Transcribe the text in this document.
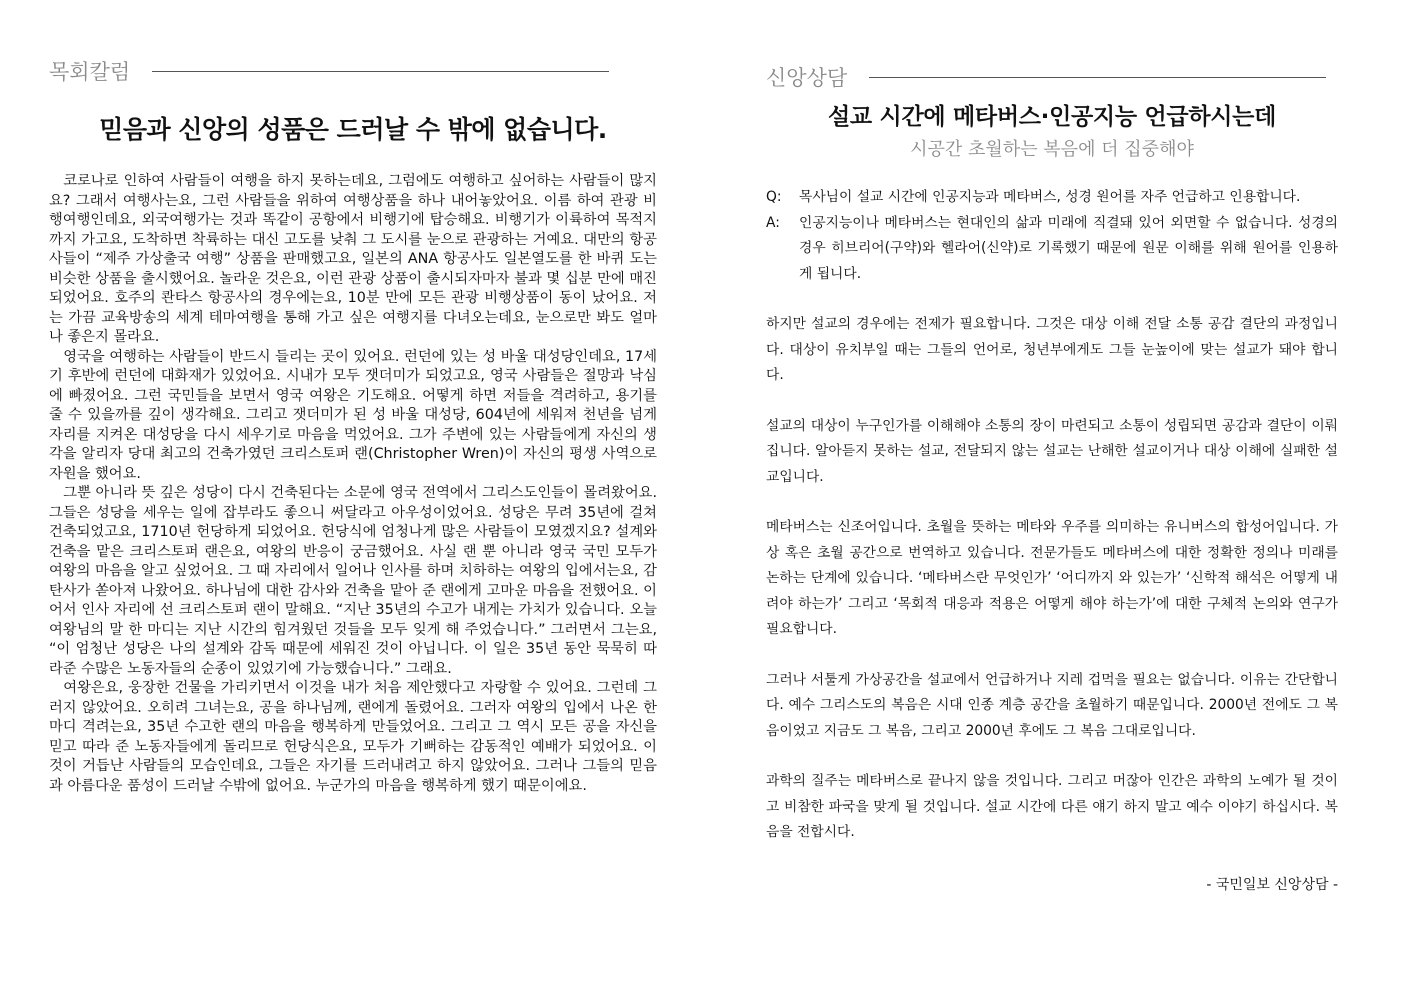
목회칼럼
믿음과 신앙의 성품은 드러날 수 밖에 없습니다.

코로나로 인하여 사람들이 여행을 하지 못하는데요, 그럼에도 여행하고 싶어하는 사람들이 많지요? 그래서 여행사는요, 그런 사람들을 위하여 여행상품을 하나 내어놓았어요. 이름 하여 관광 비행여행인데요, 외국여행가는 것과 똑같이 공항에서 비행기에 탑승해요. 비행기가 이륙하여 목적지까지 가고요, 도착하면 착륙하는 대신 고도를 낮춰 그 도시를 눈으로 관광하는 거예요. 대만의 항공사들이 “제주 가상출국 여행” 상품을 판매했고요, 일본의 ANA 항공사도 일본열도를 한 바퀴 도는 비슷한 상품을 출시했어요. 놀라운 것은요, 이런 관광 상품이 출시되자마자 불과 몇 십분 만에 매진되었어요. 호주의 콴타스 항공사의 경우에는요, 10분 만에 모든 관광 비행상품이 동이 났어요. 저는 가끔 교육방송의 세계 테마여행을 통해 가고 싶은 여행지를 다녀오는데요, 눈으로만 봐도 얼마나 좋은지 몰라요.

영국을 여행하는 사람들이 반드시 들리는 곳이 있어요. 런던에 있는 성 바울 대성당인데요, 17세기 후반에 런던에 대화재가 있었어요. 시내가 모두 잿더미가 되었고요, 영국 사람들은 절망과 낙심에 빠졌어요. 그런 국민들을 보면서 영국 여왕은 기도해요. 어떻게 하면 저들을 격려하고, 용기를 줄 수 있을까를 깊이 생각해요. 그리고 잿더미가 된 성 바울 대성당, 604년에 세워져 천년을 넘게 자리를 지켜온 대성당을 다시 세우기로 마음을 먹었어요. 그가 주변에 있는 사람들에게 자신의 생각을 알리자 당대 최고의 건축가였던 크리스토퍼 랜(Christopher Wren)이 자신의 평생 사역으로 자원을 했어요.

그뿐 아니라 뜻 깊은 성당이 다시 건축된다는 소문에 영국 전역에서 그리스도인들이 몰려왔어요. 그들은 성당을 세우는 일에 잡부라도 좋으니 써달라고 아우성이었어요. 성당은 무려 35년에 걸쳐 건축되었고요, 1710년 헌당하게 되었어요. 헌당식에 엄청나게 많은 사람들이 모였겠지요? 설계와 건축을 맡은 크리스토퍼 랜은요, 여왕의 반응이 궁금했어요. 사실 랜 뿐 아니라 영국 국민 모두가 여왕의 마음을 알고 싶었어요. 그 때 자리에서 일어나 인사를 하며 치하하는 여왕의 입에서는요, 감탄사가 쏟아져 나왔어요. 하나님에 대한 감사와 건축을 맡아 준 랜에게 고마운 마음을 전했어요. 이어서 인사 자리에 선 크리스토퍼 랜이 말해요. “지난 35년의 수고가 내게는 가치가 있습니다. 오늘 여왕님의 말 한 마디는 지난 시간의 힘겨웠던 것들을 모두 잊게 해 주었습니다.” 그러면서 그는요, “이 엄청난 성당은 나의 설계와 감독 때문에 세워진 것이 아닙니다. 이 일은 35년 동안 묵묵히 따라준 수많은 노동자들의 순종이 있었기에 가능했습니다.” 그래요.

여왕은요, 웅장한 건물을 가리키면서 이것을 내가 처음 제안했다고 자랑할 수 있어요. 그런데 그러지 않았어요. 오히려 그녀는요, 공을 하나님께, 랜에게 돌렸어요. 그러자 여왕의 입에서 나온 한마디 격려는요, 35년 수고한 랜의 마음을 행복하게 만들었어요. 그리고 그 역시 모든 공을 자신을 믿고 따라 준 노동자들에게 돌리므로 헌당식은요, 모두가 기뻐하는 감동적인 예배가 되었어요. 이것이 거듭난 사람들의 모습인데요, 그들은 자기를 드러내려고 하지 않았어요. 그러나 그들의 믿음과 아름다운 품성이 드러날 수밖에 없어요. 누군가의 마음을 행복하게 했기 때문이에요.

신앙상담
설교 시간에 메타버스·인공지능 언급하시는데
시공간 초월하는 복음에 더 집중해야
Q:	목사님이 설교 시간에 인공지능과 메타버스, 성경 원어를 자주 언급하고 인용합니다.
A:	인공지능이나 메타버스는 현대인의 삶과 미래에 직결돼 있어 외면할 수 없습니다. 성경의 경우 히브리어(구약)와 헬라어(신약)로 기록했기 때문에 원문 이해를 위해 원어를 인용하게 됩니다.

하지만 설교의 경우에는 전제가 필요합니다. 그것은 대상 이해 전달 소통 공감 결단의 과정입니다. 대상이 유치부일 때는 그들의 언어로, 청년부에게도 그들 눈높이에 맞는 설교가 돼야 합니다.

설교의 대상이 누구인가를 이해해야 소통의 장이 마련되고 소통이 성립되면 공감과 결단이 이뤄집니다. 알아듣지 못하는 설교, 전달되지 않는 설교는 난해한 설교이거나 대상 이해에 실패한 설교입니다.

메타버스는 신조어입니다. 초월을 뜻하는 메타와 우주를 의미하는 유니버스의 합성어입니다. 가상 혹은 초월 공간으로 번역하고 있습니다. 전문가들도 메타버스에 대한 정확한 정의나 미래를 논하는 단계에 있습니다. ‘메타버스란 무엇인가’ ‘어디까지 와 있는가’ ‘신학적 해석은 어떻게 내려야 하는가’ 그리고 ‘목회적 대응과 적용은 어떻게 해야 하는가’에 대한 구체적 논의와 연구가 필요합니다.

그러나 서툴게 가상공간을 설교에서 언급하거나 지레 겁먹을 필요는 없습니다. 이유는 간단합니다. 예수 그리스도의 복음은 시대 인종 계층 공간을 초월하기 때문입니다. 2000년 전에도 그 복음이었고 지금도 그 복음, 그리고 2000년 후에도 그 복음 그대로입니다.

과학의 질주는 메타버스로 끝나지 않을 것입니다. 그리고 머잖아 인간은 과학의 노예가 될 것이고 비참한 파국을 맞게 될 것입니다. 설교 시간에 다른 얘기 하지 말고 예수 이야기 하십시다. 복음을 전합시다.

- 국민일보 신앙상담 -
